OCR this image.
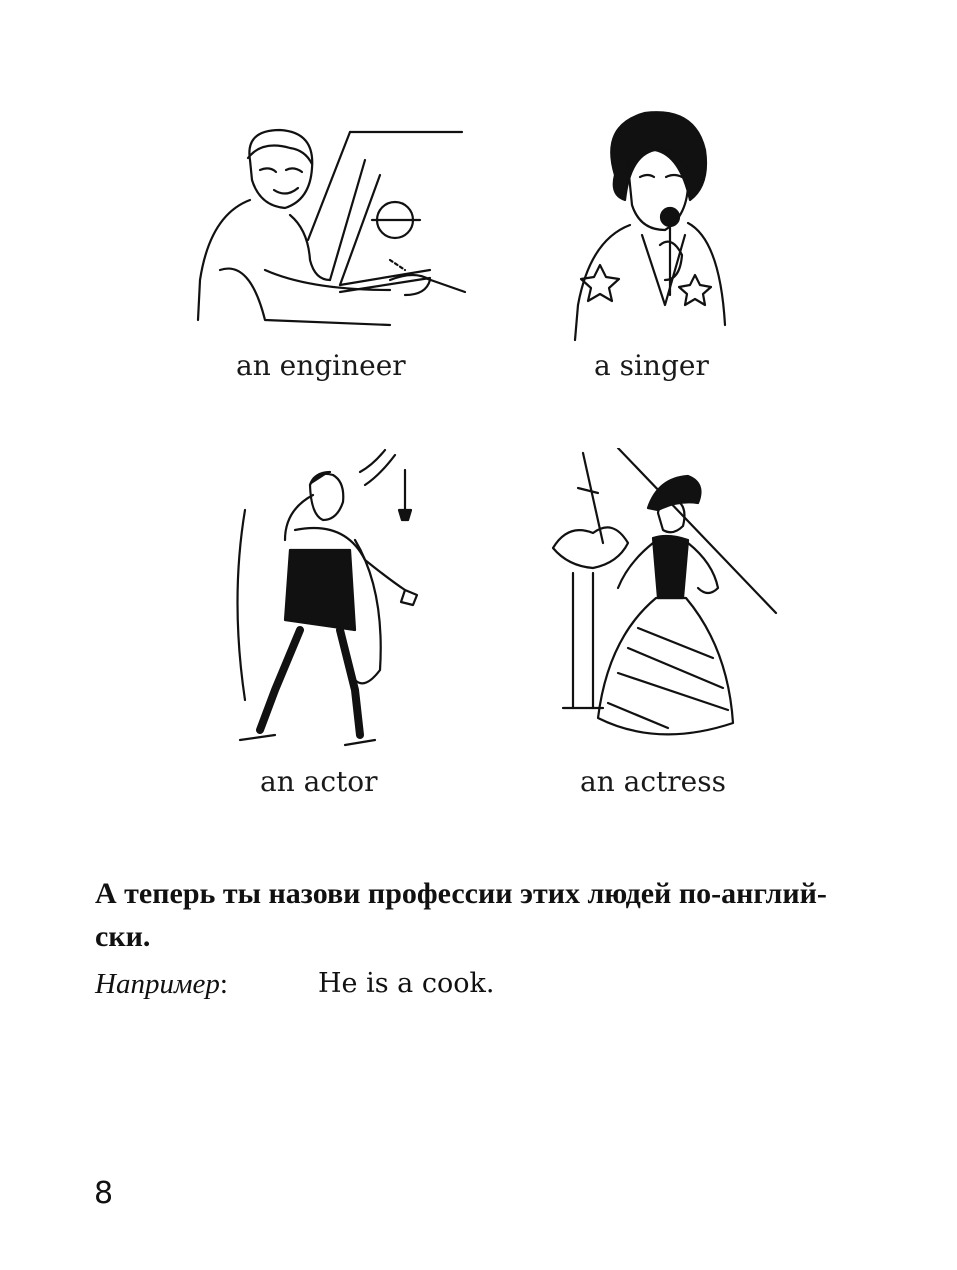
an engineer	a singer
an actor	an actress
А теперь ты назови профессии этих людей по-англий-ски.
Например:	He is a cook.
8
